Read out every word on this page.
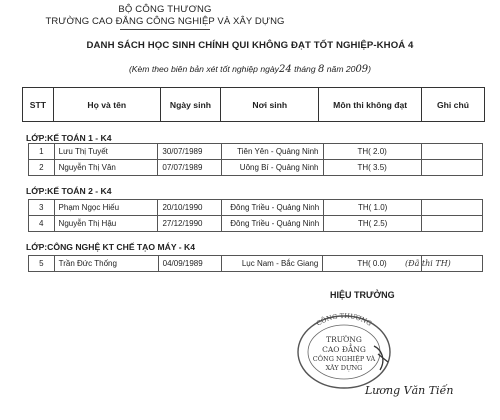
BỘ CÔNG THƯƠNG
TRƯỜNG CAO ĐẲNG CÔNG NGHIỆP VÀ XÂY DỰNG
DANH SÁCH HỌC SINH CHÍNH QUI KHÔNG ĐẠT TỐT NGHIỆP-KHOÁ 4
(Kèm theo biên bản xét tốt nghiệp ngày24 tháng 8 năm 2009)
STT	Họ và tên	Ngày sinh	Nơi sinh	Môn thi không đạt	Ghi chú
LỚP:KẾ TOÁN 1 - K4
1	Lưu Thị Tuyết	30/07/1989	Tiên Yên - Quảng Ninh	TH( 2.0)	
2	Nguyễn Thị Vân	07/07/1989	Uông Bí - Quảng Ninh	TH( 3.5)	
LỚP:KẾ TOÁN 2 - K4
3	Phạm Ngọc Hiếu	20/10/1990	Đông Triều - Quảng Ninh	TH( 1.0)	
4	Nguyễn Thị Hậu	27/12/1990	Đông Triều - Quảng Ninh	TH( 2.5)	
LỚP:CÔNG NGHỆ KT CHẾ TẠO MÁY - K4
5	Trần Đức Thống	04/09/1989	Lục Nam - Bắc Giang	TH( 0.0)	(Đã thi TH)
HIỆU TRƯỞNG
CÔNG THƯƠNG
TRƯỜNG
CAO ĐẲNG
CÔNG NGHIỆP VÀ
XÂY DỰNG
Lương Văn Tiến
